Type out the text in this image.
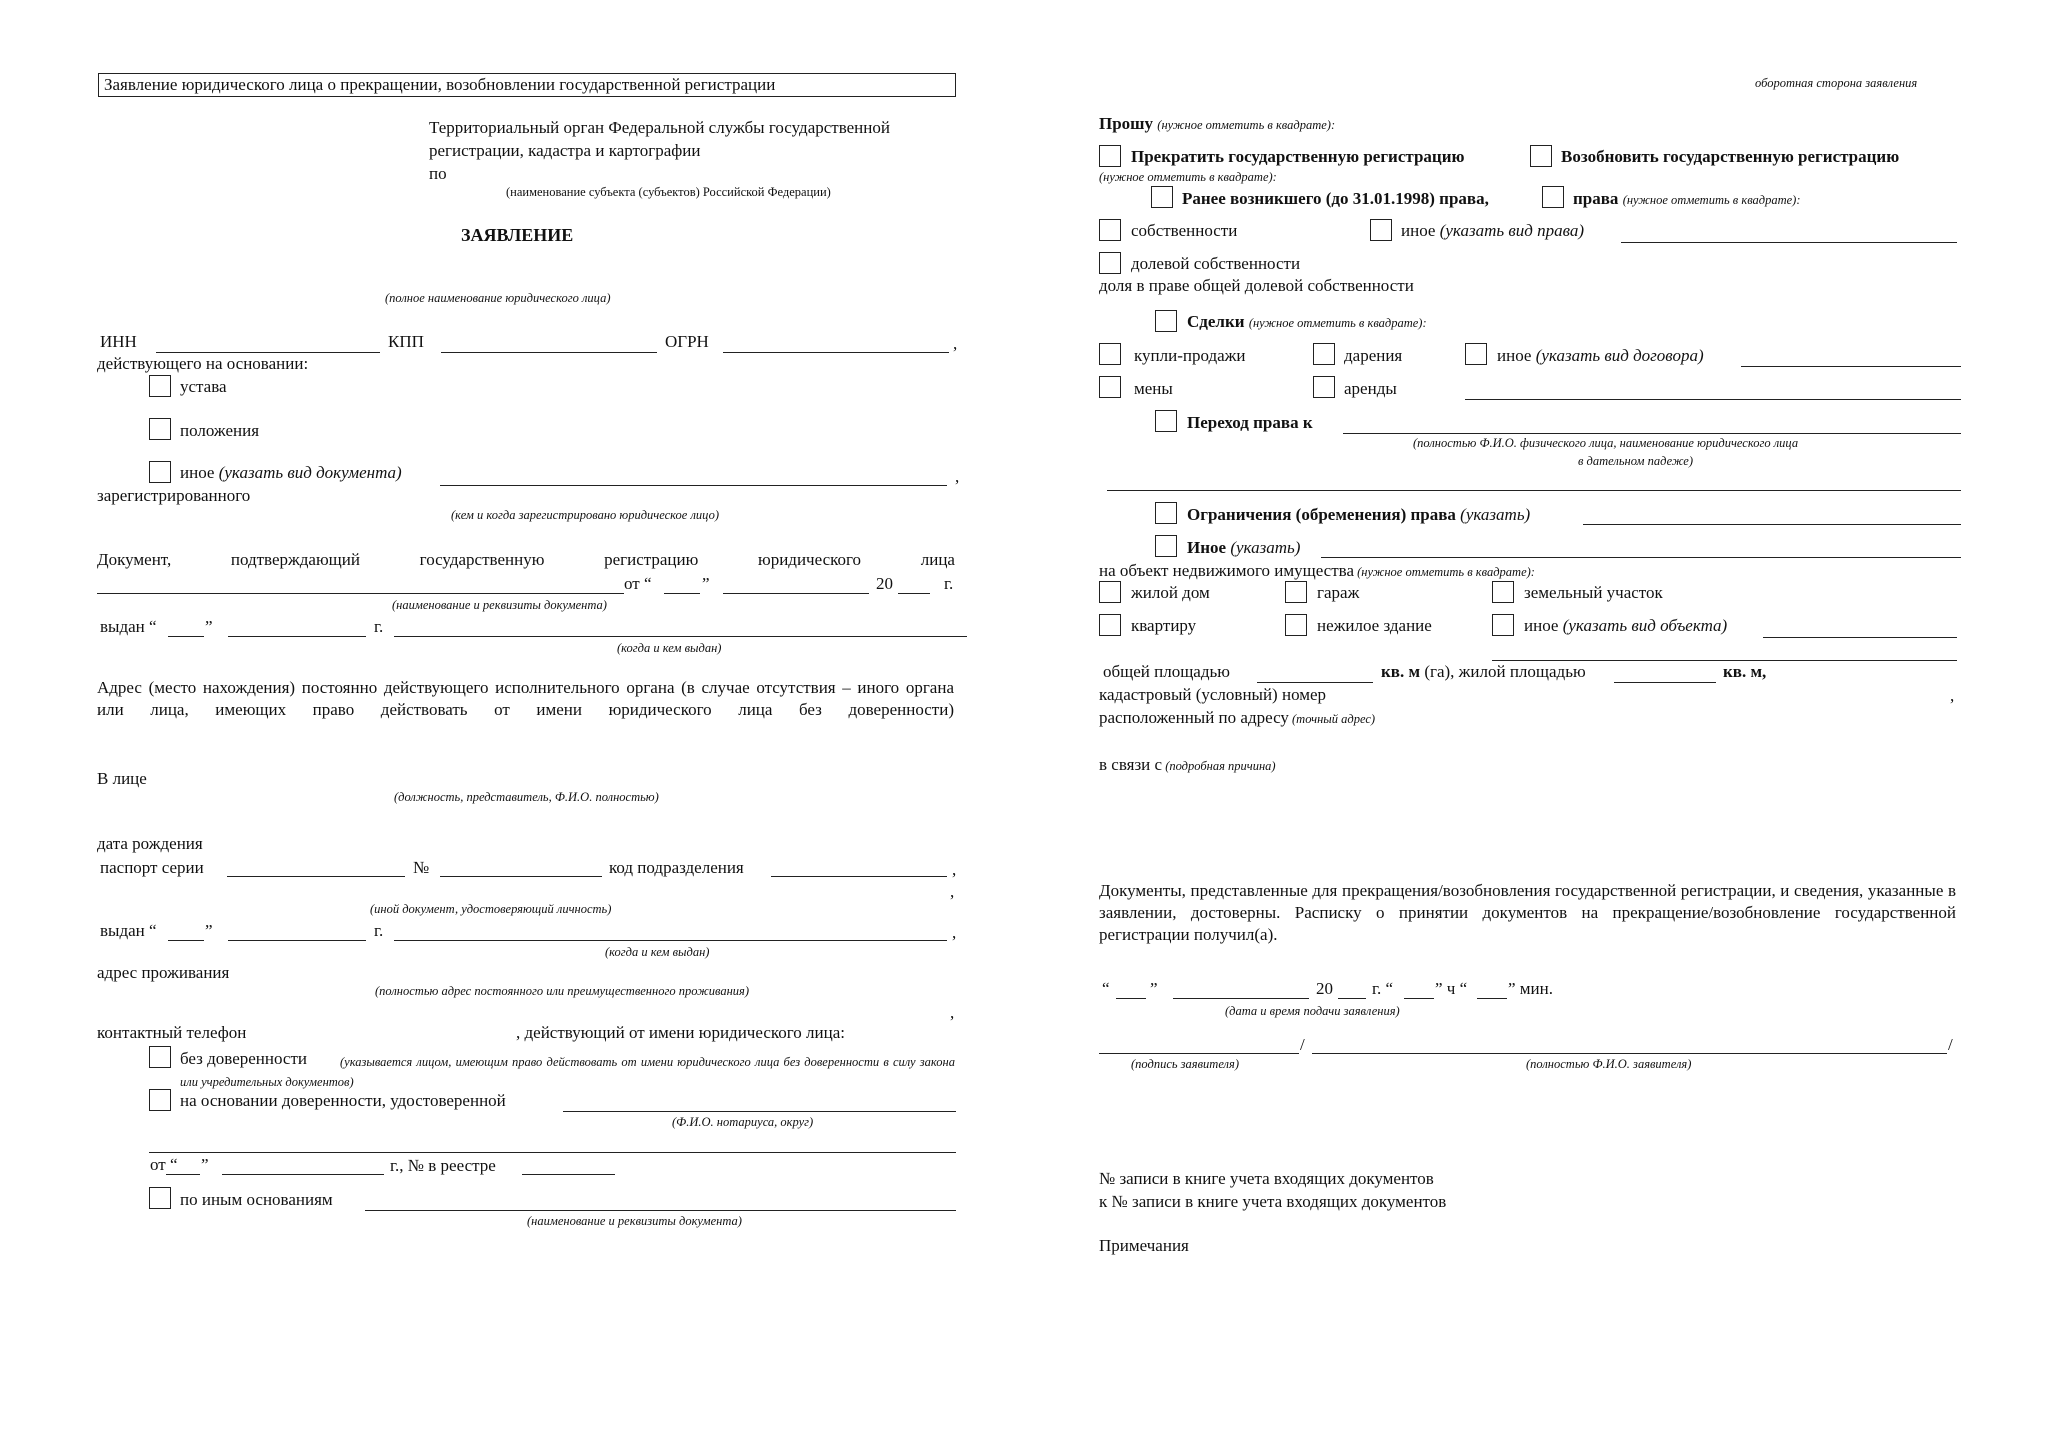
Заявление юридического лица о прекращении, возобновлении государственной регистрации
Территориальный орган Федеральной службы государственной
регистрации, кадастра и картографии
по
(наименование субъекта (субъектов) Российской Федерации)
ЗАЯВЛЕНИЕ
(полное наименование юридического лица)
ИНН	КПП	ОГРН	,
действующего на основании:
устава
положения
иное (указать вид документа)	,
зарегистрированного
(кем и когда зарегистрировано юридическое лицо)
Документ,	подтверждающий	государственную	регистрацию	юридического	лица
от “	”	20	г.
(наименование и реквизиты документа)
выдан “	”	г.
(когда и кем выдан)
Адрес (место нахождения) постоянно действующего исполнительного органа (в случае отсутствия – иного органа или лица, имеющих право действовать от имени юридического лица без доверенности)
В лице
(должность, представитель, Ф.И.О. полностью)
дата рождения
паспорт серии	№	код подразделения	,
,
(иной документ, удостоверяющий личность)
выдан “	”	г.	,
(когда и кем выдан)
адрес проживания
(полностью адрес постоянного или преимущественного проживания)
,
контактный телефон	, действующий от имени юридического лица:
без доверенности	(указывается лицом, имеющим право действовать от имени юридического лица без доверенности в силу закона или учредительных документов)
на основании доверенности, удостоверенной
(Ф.И.О. нотариуса, округ)
от “ ”	г., № в реестре
по иным основаниям
(наименование и реквизиты документа)
оборотная сторона заявления
Прошу (нужное отметить в квадрате):
Прекратить государственную регистрацию	Возобновить государственную регистрацию
(нужное отметить в квадрате):
Ранее возникшего (до 31.01.1998) права,	права (нужное отметить в квадрате):
собственности	иное (указать вид права)
долевой собственности
доля в праве общей долевой собственности
Сделки (нужное отметить в квадрате):
купли-продажи	дарения	иное (указать вид договора)
мены	аренды
Переход права к
(полностью Ф.И.О. физического лица, наименование юридического лица
в дательном падеже)
Ограничения (обременения) права (указать)
Иное (указать)
на объект недвижимого имущества (нужное отметить в квадрате):
жилой дом	гараж	земельный участок
квартиру	нежилое здание	иное (указать вид объекта)
общей площадью	кв. м (га), жилой площадью	кв. м,
кадастровый (условный) номер	,
расположенный по адресу (точный адрес)
в связи с (подробная причина)
Документы, представленные для прекращения/возобновления государственной регистрации, и сведения, указанные в заявлении, достоверны. Расписку о принятии документов на прекращение/возобновление государственной регистрации получил(а).
“ ”	20 г. “ ” ч “ ” мин.
(дата и время подачи заявления)
/	/
(подпись заявителя)	(полностью Ф.И.О. заявителя)
№ записи в книге учета входящих документов
к № записи в книге учета входящих документов
Примечания
